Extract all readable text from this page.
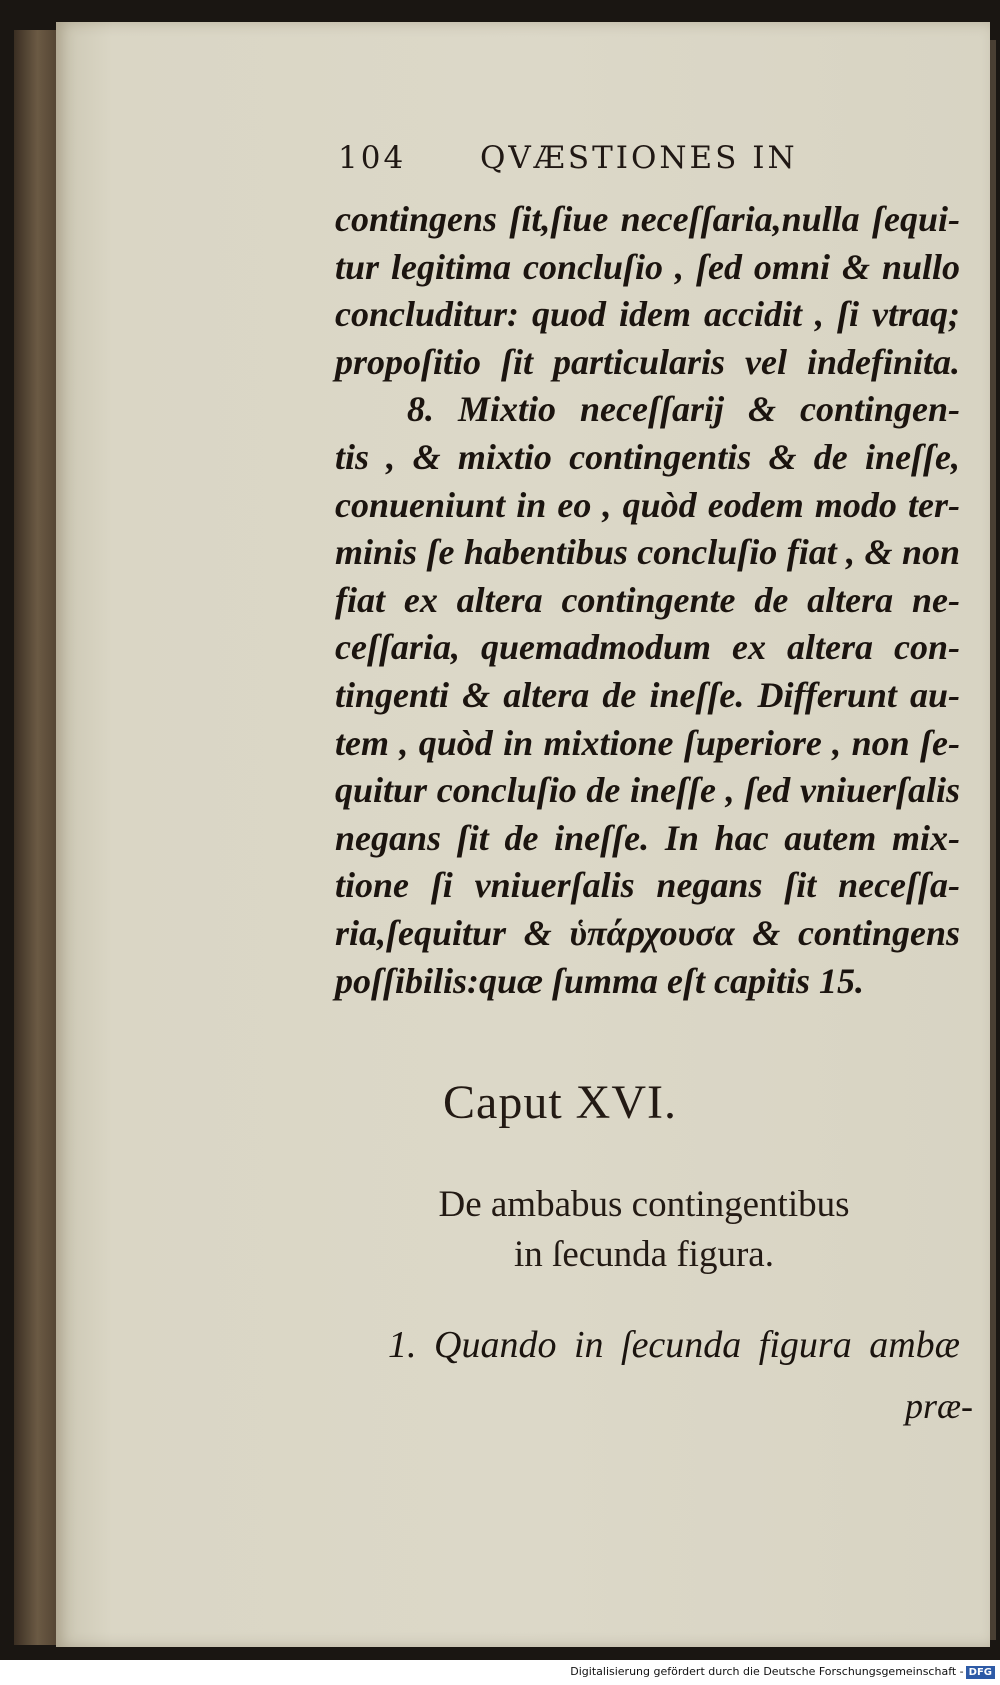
104 QVÆSTIONES IN
contingens ſit,ſiue neceſſaria,nulla ſequi-
tur legitima concluſio , ſed omni & nullo
concluditur: quod idem accidit , ſi vtraq;
propoſitio ſit particularis vel indefinita.
8. Mixtio neceſſarij & contingen-
tis , & mixtio contingentis & de ineſſe,
conueniunt in eo , quòd eodem modo ter-
minis ſe habentibus concluſio fiat , & non
fiat ex altera contingente de altera ne-
ceſſaria, quemadmodum ex altera con-
tingenti & altera de ineſſe. Differunt au-
tem , quòd in mixtione ſuperiore , non ſe-
quitur concluſio de ineſſe , ſed vniuerſalis
negans ſit de ineſſe. In hac autem mix-
tione ſi vniuerſalis negans ſit neceſſa-
ria,ſequitur & ὑπάρχουσα & contingens
poſſibilis:quæ ſumma eſt capitis 15.
Caput XVI.
De ambabus contingentibus
in ſecunda figura.
1. Quando in ſecunda figura ambæ
præ-
Digitalisierung gefördert durch die Deutsche Forschungsgemeinschaft - DFG
